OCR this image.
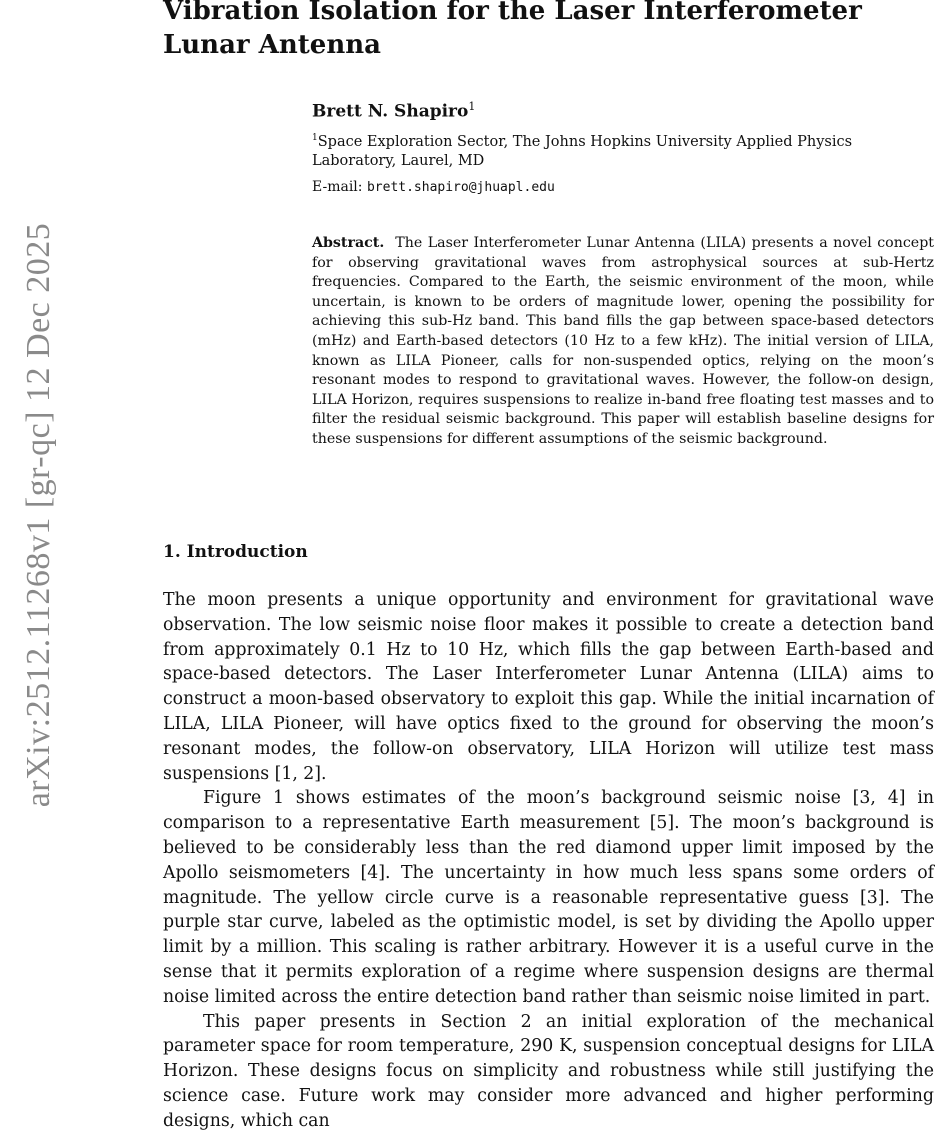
arXiv:2512.11268v1 [gr-qc] 12 Dec 2025
Vibration Isolation for the Laser Interferometer Lunar Antenna
Brett N. Shapiro$^1$
$^1$Space Exploration Sector, The Johns Hopkins University Applied Physics Laboratory, Laurel, MD
E-mail: brett.shapiro@jhuapl.edu

Abstract. The Laser Interferometer Lunar Antenna (LILA) presents a novel concept for observing gravitational waves from astrophysical sources at sub-Hertz frequencies. Compared to the Earth, the seismic environment of the moon, while uncertain, is known to be orders of magnitude lower, opening the possibility for achieving this sub-Hz band. This band fills the gap between space-based detectors (mHz) and Earth-based detectors (10 Hz to a few kHz). The initial version of LILA, known as LILA Pioneer, calls for non-suspended optics, relying on the moon’s resonant modes to respond to gravitational waves. However, the follow-on design, LILA Horizon, requires suspensions to realize in-band free floating test masses and to filter the residual seismic background. This paper will establish baseline designs for these suspensions for different assumptions of the seismic background.

1. Introduction

The moon presents a unique opportunity and environment for gravitational wave observation. The low seismic noise floor makes it possible to create a detection band from approximately 0.1 Hz to 10 Hz, which fills the gap between Earth-based and space-based detectors. The Laser Interferometer Lunar Antenna (LILA) aims to construct a moon-based observatory to exploit this gap. While the initial incarnation of LILA, LILA Pioneer, will have optics fixed to the ground for observing the moon’s resonant modes, the follow-on observatory, LILA Horizon will utilize test mass suspensions [1, 2].

Figure 1 shows estimates of the moon’s background seismic noise [3, 4] in comparison to a representative Earth measurement [5]. The moon’s background is believed to be considerably less than the red diamond upper limit imposed by the Apollo seismometers [4]. The uncertainty in how much less spans some orders of magnitude. The yellow circle curve is a reasonable representative guess [3]. The purple star curve, labeled as the optimistic model, is set by dividing the Apollo upper limit by a million. This scaling is rather arbitrary. However it is a useful curve in the sense that it permits exploration of a regime where suspension designs are thermal noise limited across the entire detection band rather than seismic noise limited in part.

This paper presents in Section 2 an initial exploration of the mechanical parameter space for room temperature, 290 K, suspension conceptual designs for LILA Horizon. These designs focus on simplicity and robustness while still justifying the science case. Future work may consider more advanced and higher performing designs, which can
